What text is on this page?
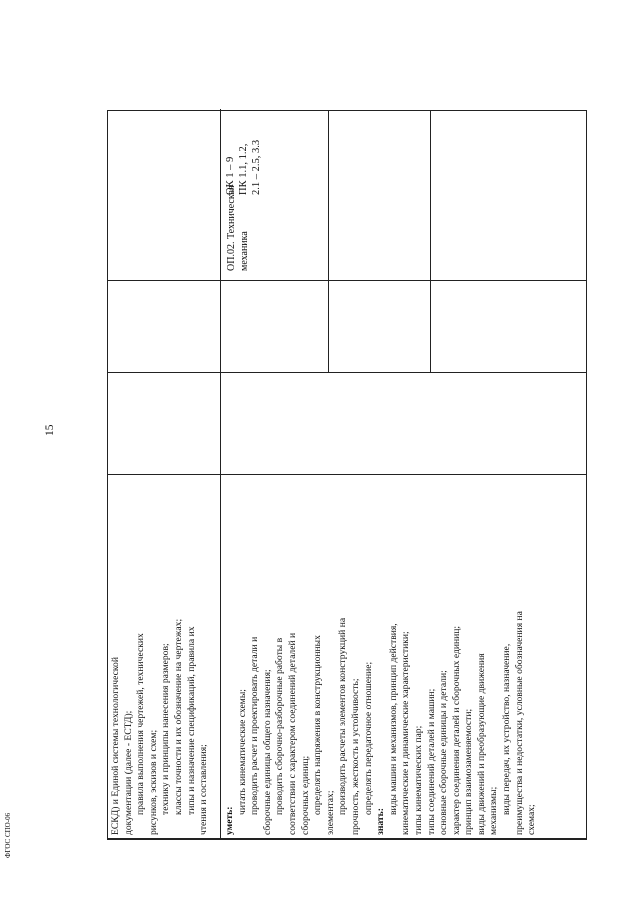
15
ФГОС СПО-06
ЕСКД) и Единой системы технологической документации (далее - ЕСТД); правила выполнения чертежей, технических рисунков, эскизов и схем; технику и принципы нанесения размеров; классы точности и их обозначение на чертежах; типы и назначение спецификаций, правила их чтения и составления; уметь:
читать кинематические схемы; проводить расчет и проектировать детали и сборочные единицы общего назначения; проводить сборочно-разборочные работы в соответствии с характером соединений деталей и сборочных единиц; определять напряжения в конструкционных элементах; производить расчеты элементов конструкций на прочность, жесткость и устойчивость; определять передаточное отношение;
знать:
виды машин и механизмов, принцип действия, кинематические и динамические характеристики; типы кинематических пар; типы соединений деталей и машин; основные сборочные единицы и детали; характер соединения деталей и сборочных единиц; принцип взаимозаменяемости; виды движений и преобразующие движения механизмы; виды передач, их устройство, назначение, преимущества и недостатки, условные обозначения на схемах;
ОП.02. Техническая механика
ОК 1 – 9 ПК 1.1, 1.2, 2.1 – 2.5, 3.3
